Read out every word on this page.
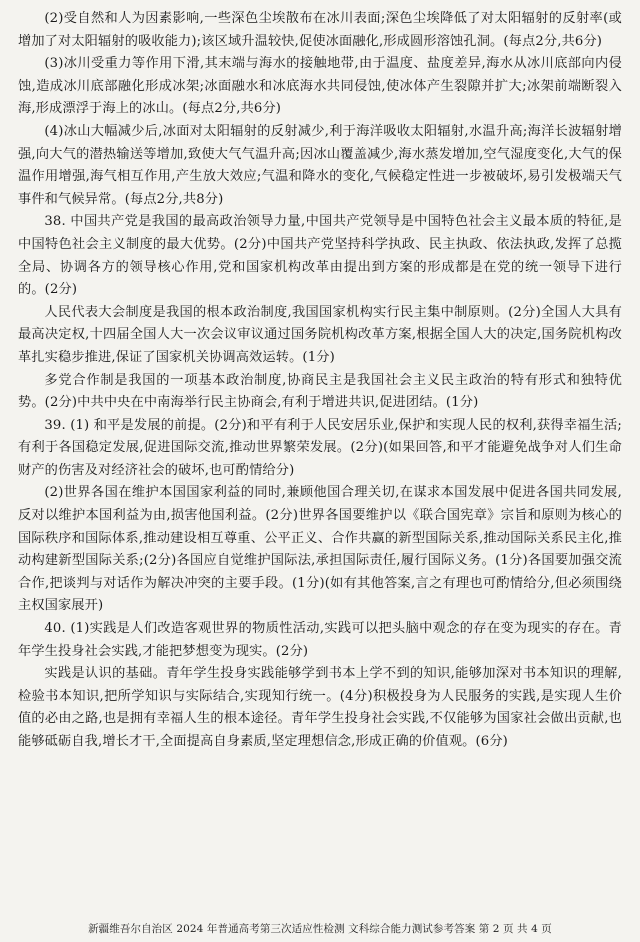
(2)受自然和人为因素影响,一些深色尘埃散布在冰川表面;深色尘埃降低了对太阳辐射的反射率(或增加了对太阳辐射的吸收能力);该区域升温较快,促使冰面融化,形成圆形溶蚀孔洞。(每点2分,共6分)

(3)冰川受重力等作用下滑,其末端与海水的接触地带,由于温度、盐度差异,海水从冰川底部向内侵蚀,造成冰川底部融化形成冰架;冰面融水和冰底海水共同侵蚀,使冰体产生裂隙并扩大;冰架前端断裂入海,形成漂浮于海上的冰山。(每点2分,共6分)

(4)冰山大幅减少后,冰面对太阳辐射的反射减少,利于海洋吸收太阳辐射,水温升高;海洋长波辐射增强,向大气的潜热输送等增加,致使大气气温升高;因冰山覆盖减少,海水蒸发增加,空气湿度变化,大气的保温作用增强,海气相互作用,产生放大效应;气温和降水的变化,气候稳定性进一步被破坏,易引发极端天气事件和气候异常。(每点2分,共8分)

38. 中国共产党是我国的最高政治领导力量,中国共产党领导是中国特色社会主义最本质的特征,是中国特色社会主义制度的最大优势。(2分)中国共产党坚持科学执政、民主执政、依法执政,发挥了总揽全局、协调各方的领导核心作用,党和国家机构改革由提出到方案的形成都是在党的统一领导下进行的。(2分)

人民代表大会制度是我国的根本政治制度,我国国家机构实行民主集中制原则。(2分)全国人大具有最高决定权,十四届全国人大一次会议审议通过国务院机构改革方案,根据全国人大的决定,国务院机构改革扎实稳步推进,保证了国家机关协调高效运转。(1分)

多党合作制是我国的一项基本政治制度,协商民主是我国社会主义民主政治的特有形式和独特优势。(2分)中共中央在中南海举行民主协商会,有利于增进共识,促进团结。(1分)

39. (1) 和平是发展的前提。(2分)和平有利于人民安居乐业,保护和实现人民的权利,获得幸福生活;有利于各国稳定发展,促进国际交流,推动世界繁荣发展。(2分)(如果回答,和平才能避免战争对人们生命财产的伤害及对经济社会的破坏,也可酌情给分)

(2)世界各国在维护本国国家利益的同时,兼顾他国合理关切,在谋求本国发展中促进各国共同发展,反对以维护本国利益为由,损害他国利益。(2分)世界各国要维护以《联合国宪章》宗旨和原则为核心的国际秩序和国际体系,推动建设相互尊重、公平正义、合作共赢的新型国际关系,推动国际关系民主化,推动构建新型国际关系;(2分)各国应自觉维护国际法,承担国际责任,履行国际义务。(1分)各国要加强交流合作,把谈判与对话作为解决冲突的主要手段。(1分)(如有其他答案,言之有理也可酌情给分,但必须围绕主权国家展开)

40. (1)实践是人们改造客观世界的物质性活动,实践可以把头脑中观念的存在变为现实的存在。青年学生投身社会实践,才能把梦想变为现实。(2分)

实践是认识的基础。青年学生投身实践能够学到书本上学不到的知识,能够加深对书本知识的理解,检验书本知识,把所学知识与实际结合,实现知行统一。(4分)积极投身为人民服务的实践,是实现人生价值的必由之路,也是拥有幸福人生的根本途径。青年学生投身社会实践,不仅能够为国家社会做出贡献,也能够砥砺自我,增长才干,全面提高自身素质,坚定理想信念,形成正确的价值观。(6分)

新疆维吾尔自治区 2024 年普通高考第三次适应性检测 文科综合能力测试参考答案 第 2 页 共 4 页
